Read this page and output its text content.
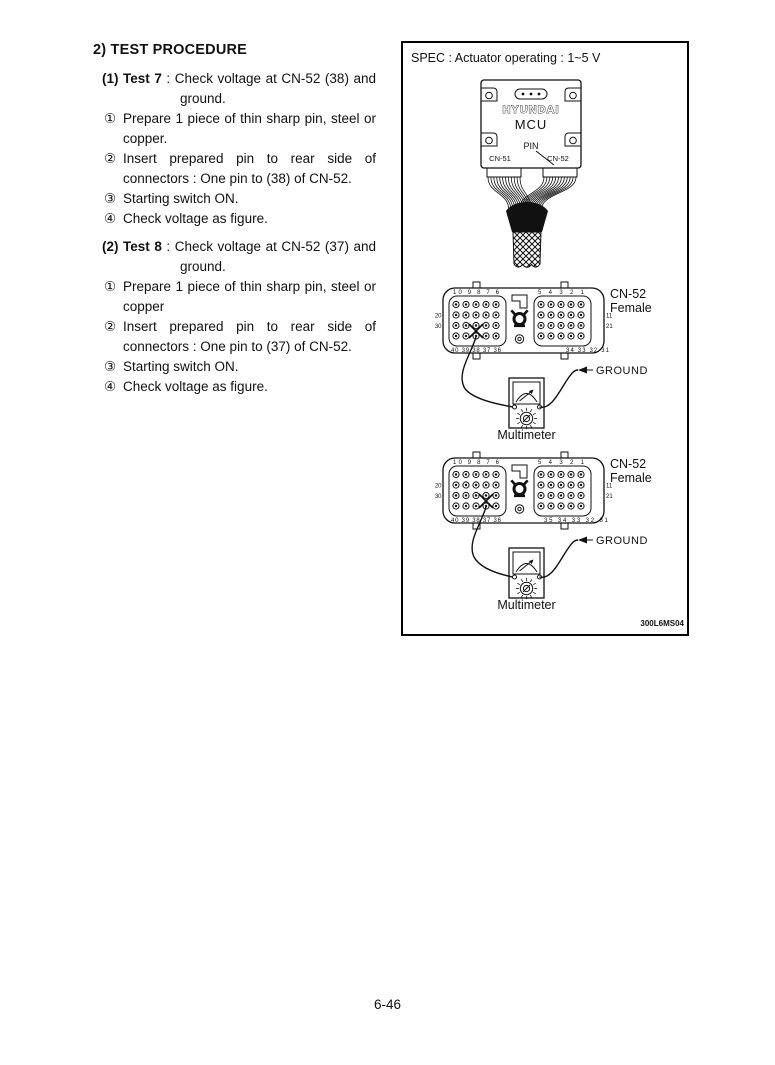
2) TEST PROCEDURE
(1) Test 7 : Check voltage at CN-52 (38) and
ground.
① Prepare 1 piece of thin sharp pin, steel or
copper.
② Insert prepared pin to rear side of
connectors : One pin to (38) of CN-52.
③ Starting switch ON.
④ Check voltage as figure.
(2) Test 8 : Check voltage at CN-52 (37) and
ground.
① Prepare 1 piece of thin sharp pin, steel or
copper
② Insert prepared pin to rear side of
connectors : One pin to (37) of CN-52.
③ Starting switch ON.
④ Check voltage as figure.
SPEC : Actuator operating : 1~5 V
300L6MS04
HYUNDAI
MCU
PIN
CN-51	CN-52
10 9 8 7 6	5 4 3 2 1
40 39 38 37 36	34 33 32 31
20
30
11
21
CN-52
Female
Multimeter
GROUND
10 9 8 7 6	5 4 3 2 1
40 39 38 37 36	35 34 33 32 31
20
30
11
21
CN-52
Female
Multimeter
GROUND
6-46
